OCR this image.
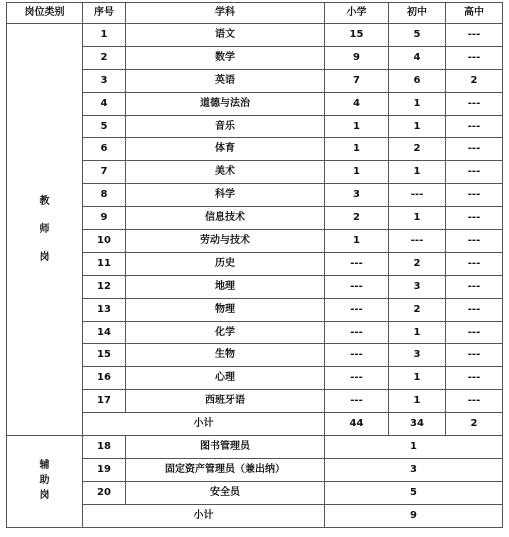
岗位类别	序号	学科	小学	初中	高中

教
师
岗	1	语文	15	5	---
	2	数学	9	4	---
	3	英语	7	6	2
	4	道德与法治	4	1	---
	5	音乐	1	1	---
	6	体育	1	2	---
	7	美术	1	1	---
	8	科学	3	---	---
	9	信息技术	2	1	---
	10	劳动与技术	1	---	---
	11	历史	---	2	---
	12	地理	---	3	---
	13	物理	---	2	---
	14	化学	---	1	---
	15	生物	---	3	---
	16	心理	---	1	---
	17	西班牙语	---	1	---
	小计		44	34	2

辅
助
岗	18	图书管理员	1		
	19	固定资产管理员（兼出纳）	3		
	20	安全员	5		
	小计		9		
